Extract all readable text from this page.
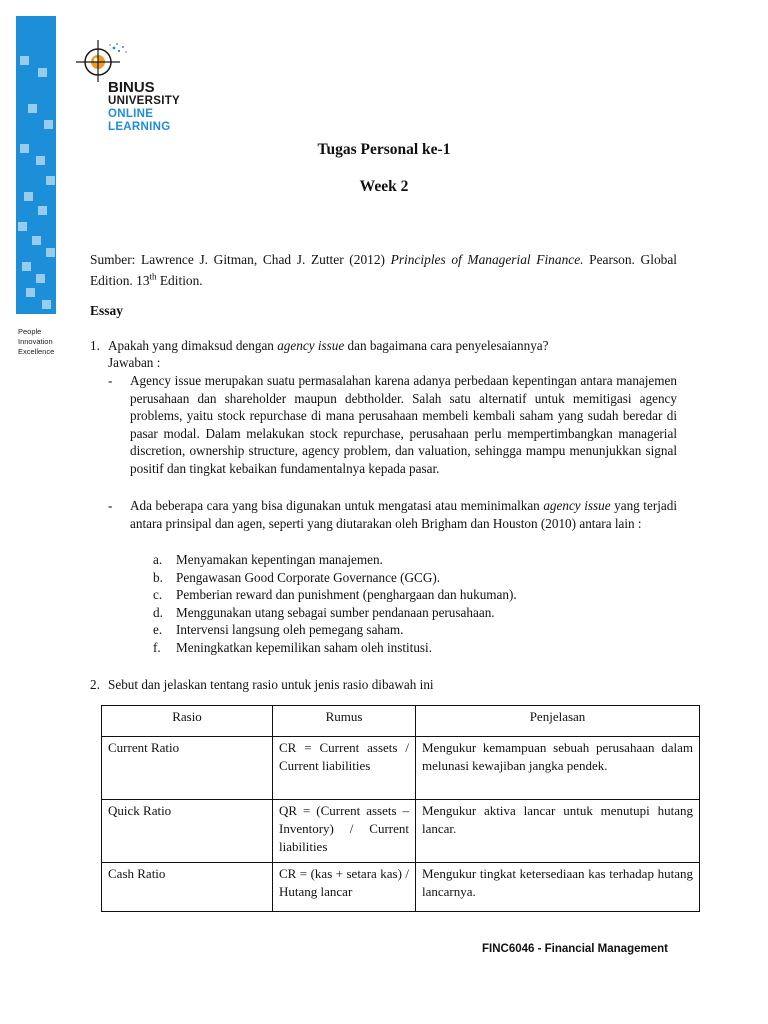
People
Innovation
Excellence
BINUS
UNIVERSITY
ONLINE
LEARNING
Tugas Personal ke-1
Week 2
Sumber: Lawrence J. Gitman, Chad J. Zutter (2012) Principles of Managerial Finance. Pearson. Global Edition. 13th Edition.
Essay
1. Apakah yang dimaksud dengan agency issue dan bagaimana cara penyelesaiannya?
Jawaban :
- Agency issue merupakan suatu permasalahan karena adanya perbedaan kepentingan antara manajemen perusahaan dan shareholder maupun debtholder. Salah satu alternatif untuk memitigasi agency problems, yaitu stock repurchase di mana perusahaan membeli kembali saham yang sudah beredar di pasar modal. Dalam melakukan stock repurchase, perusahaan perlu mempertimbangkan managerial discretion, ownership structure, agency problem, dan valuation, sehingga mampu menunjukkan signal positif dan tingkat kebaikan fundamentalnya kepada pasar.
- Ada beberapa cara yang bisa digunakan untuk mengatasi atau meminimalkan agency issue yang terjadi antara prinsipal dan agen, seperti yang diutarakan oleh Brigham dan Houston (2010) antara lain :
a.	Menyamakan kepentingan manajemen.
b. Pengawasan Good Corporate Governance (GCG).
c.	Pemberian reward dan punishment (penghargaan dan hukuman).
d. Menggunakan utang sebagai sumber pendanaan perusahaan.
e.	Intervensi langsung oleh pemegang saham.
f.	Meningkatkan kepemilikan saham oleh institusi.
2. Sebut dan jelaskan tentang rasio untuk jenis rasio dibawah ini
Rasio	Rumus	Penjelasan
Current Ratio	CR = Current assets / Current liabilities	Mengukur kemampuan sebuah perusahaan dalam melunasi kewajiban jangka pendek.
Quick Ratio	QR = (Current assets – Inventory) / Current liabilities	Mengukur aktiva lancar untuk menutupi hutang lancar.
Cash Ratio	CR = (kas + setara kas) / Hutang lancar	Mengukur tingkat ketersediaan kas terhadap hutang lancarnya.
FINC6046 - Financial Management
